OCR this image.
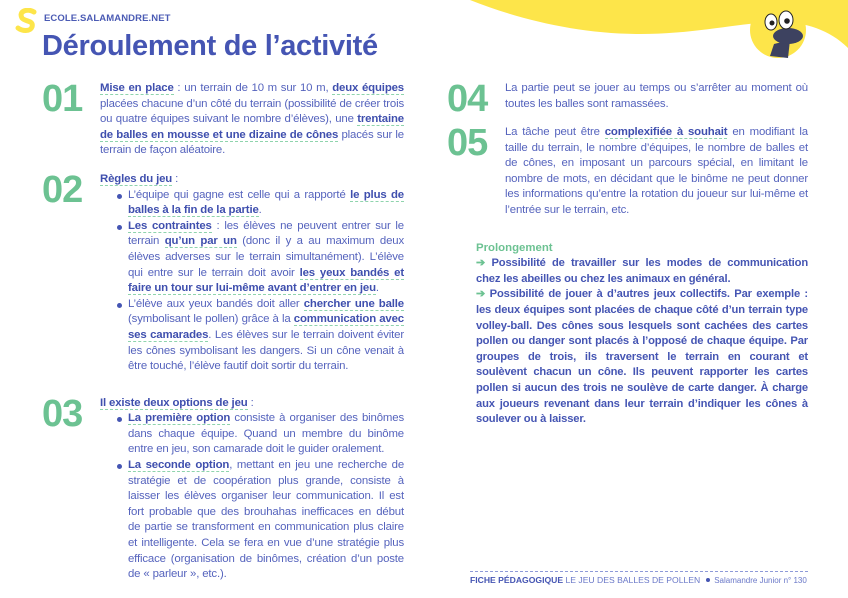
ECOLE.SALAMANDRE.NET
Déroulement de l’activité
01 Mise en place : un terrain de 10 m sur 10 m, deux équipes placées chacune d’un côté du terrain (possibilité de créer trois ou quatre équipes suivant le nombre d’élèves), une trentaine de balles en mousse et une dizaine de cônes placés sur le terrain de façon aléatoire.
02 Règles du jeu :
L’équipe qui gagne est celle qui a rapporté le plus de balles à la fin de la partie.
Les contraintes : les élèves ne peuvent entrer sur le terrain qu’un par un (donc il y a au maximum deux élèves adverses sur le terrain simultanément). L’élève qui entre sur le terrain doit avoir les yeux bandés et faire un tour sur lui-même avant d’entrer en jeu.
L’élève aux yeux bandés doit aller chercher une balle (symbolisant le pollen) grâce à la communication avec ses camarades. Les élèves sur le terrain doivent éviter les cônes symbolisant les dangers. Si un cône venait à être touché, l’élève fautif doit sortir du terrain.
03 Il existe deux options de jeu :
La première option consiste à organiser des binômes dans chaque équipe. Quand un membre du binôme entre en jeu, son camarade doit le guider oralement.
La seconde option, mettant en jeu une recherche de stratégie et de coopération plus grande, consiste à laisser les élèves organiser leur communication. Il est fort probable que des brouhahas inefficaces en début de partie se transforment en communication plus claire et intelligente. Cela se fera en vue d’une stratégie plus efficace (organisation de binômes, création d’un poste de « parleur », etc.).
04 La partie peut se jouer au temps ou s’arrêter au moment où toutes les balles sont ramassées.
05 La tâche peut être complexifiée à souhait en modifiant la taille du terrain, le nombre d’équipes, le nombre de balles et de cônes, en imposant un parcours spécial, en limitant le nombre de mots, en décidant que le binôme ne peut donner les informations qu’entre la rotation du joueur sur lui-même et l’entrée sur le terrain, etc.
Prolongement
➔ Possibilité de travailler sur les modes de communication chez les abeilles ou chez les animaux en général.
➔ Possibilité de jouer à d’autres jeux collectifs. Par exemple : les deux équipes sont placées de chaque côté d’un terrain type volley-ball. Des cônes sous lesquels sont cachées des cartes pollen ou danger sont placés à l’opposé de chaque équipe. Par groupes de trois, ils traversent le terrain en courant et soulèvent chacun un cône. Ils peuvent rapporter les cartes pollen si aucun des trois ne soulève de carte danger. À charge aux joueurs revenant dans leur terrain d’indiquer les cônes à soulever ou à laisser.
FICHE PÉDAGOGIQUE LE JEU DES BALLES DE POLLEN Salamandre Junior n° 130
